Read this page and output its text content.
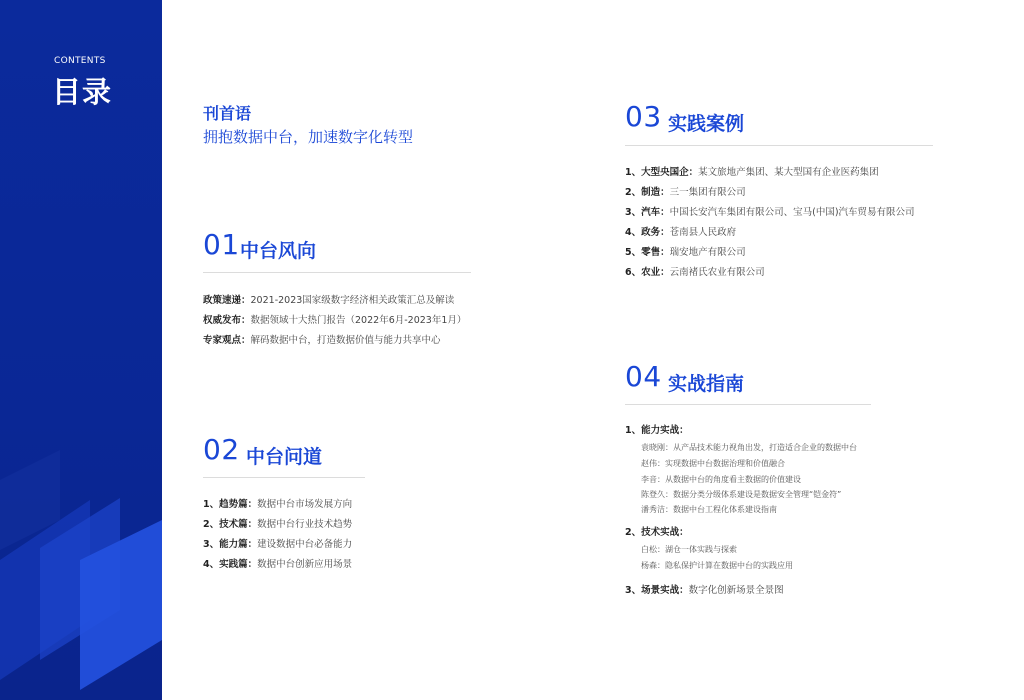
CONTENTS
目录
刊首语
拥抱数据中台，加速数字化转型
01 中台风向
政策速递：2021-2023国家级数字经济相关政策汇总及解读
权威发布：数据领域十大热门报告（2022年6月-2023年1月）
专家观点：解码数据中台，打造数据价值与能力共享中心
02 中台问道
1、趋势篇：数据中台市场发展方向
2、技术篇：数据中台行业技术趋势
3、能力篇：建设数据中台必备能力
4、实践篇：数据中台创新应用场景
03 实践案例
1、大型央国企：某文旅地产集团、某大型国有企业医药集团
2、制造：三一集团有限公司
3、汽车：中国长安汽车集团有限公司、宝马(中国)汽车贸易有限公司
4、政务：苍南县人民政府
5、零售：瑞安地产有限公司
6、农业：云南褚氏农业有限公司
04 实战指南
1、能力实战：
袁晓刚：从产品技术能力视角出发，打造适合企业的数据中台
赵伟：实现数据中台数据治理和价值融合
李音：从数据中台的角度看主数据的价值建设
陈登久：数据分类分级体系建设是数据安全管理“铠金符”
潘秀洁：数据中台工程化体系建设指南
2、技术实战：
白松：湖仓一体实践与探索
杨森：隐私保护计算在数据中台的实践应用
3、场景实战：数字化创新场景全景图
